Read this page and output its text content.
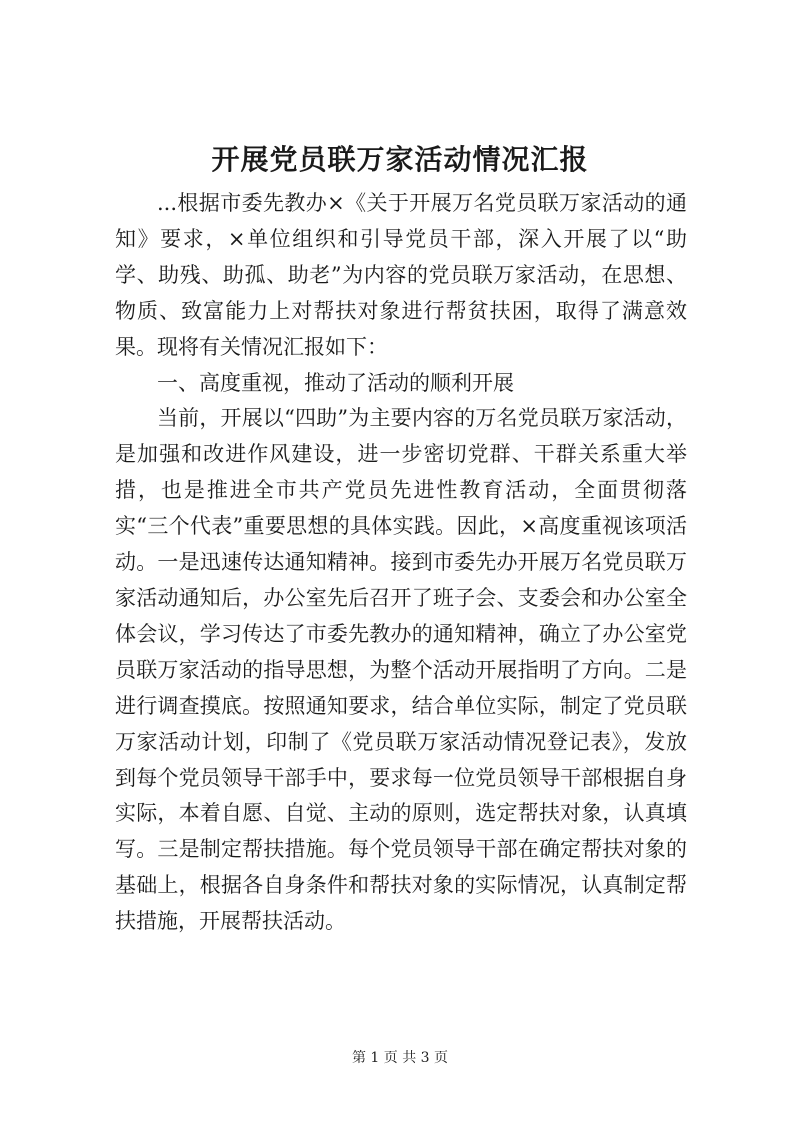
开展党员联万家活动情况汇报

...根据市委先教办×《关于开展万名党员联万家活动的通知》要求，×单位组织和引导党员干部，深入开展了以“助学、助残、助孤、助老”为内容的党员联万家活动，在思想、物质、致富能力上对帮扶对象进行帮贫扶困，取得了满意效果。现将有关情况汇报如下：

一、高度重视，推动了活动的顺利开展

当前，开展以“四助”为主要内容的万名党员联万家活动，是加强和改进作风建设，进一步密切党群、干群关系重大举措，也是推进全市共产党员先进性教育活动，全面贯彻落实“三个代表”重要思想的具体实践。因此，×高度重视该项活动。一是迅速传达通知精神。接到市委先办开展万名党员联万家活动通知后，办公室先后召开了班子会、支委会和办公室全体会议，学习传达了市委先教办的通知精神，确立了办公室党员联万家活动的指导思想，为整个活动开展指明了方向。二是进行调查摸底。按照通知要求，结合单位实际，制定了党员联万家活动计划，印制了《党员联万家活动情况登记表》，发放到每个党员领导干部手中，要求每一位党员领导干部根据自身实际，本着自愿、自觉、主动的原则，选定帮扶对象，认真填写。三是制定帮扶措施。每个党员领导干部在确定帮扶对象的基础上，根据各自身条件和帮扶对象的实际情况，认真制定帮扶措施，开展帮扶活动。

第 1 页 共 3 页
